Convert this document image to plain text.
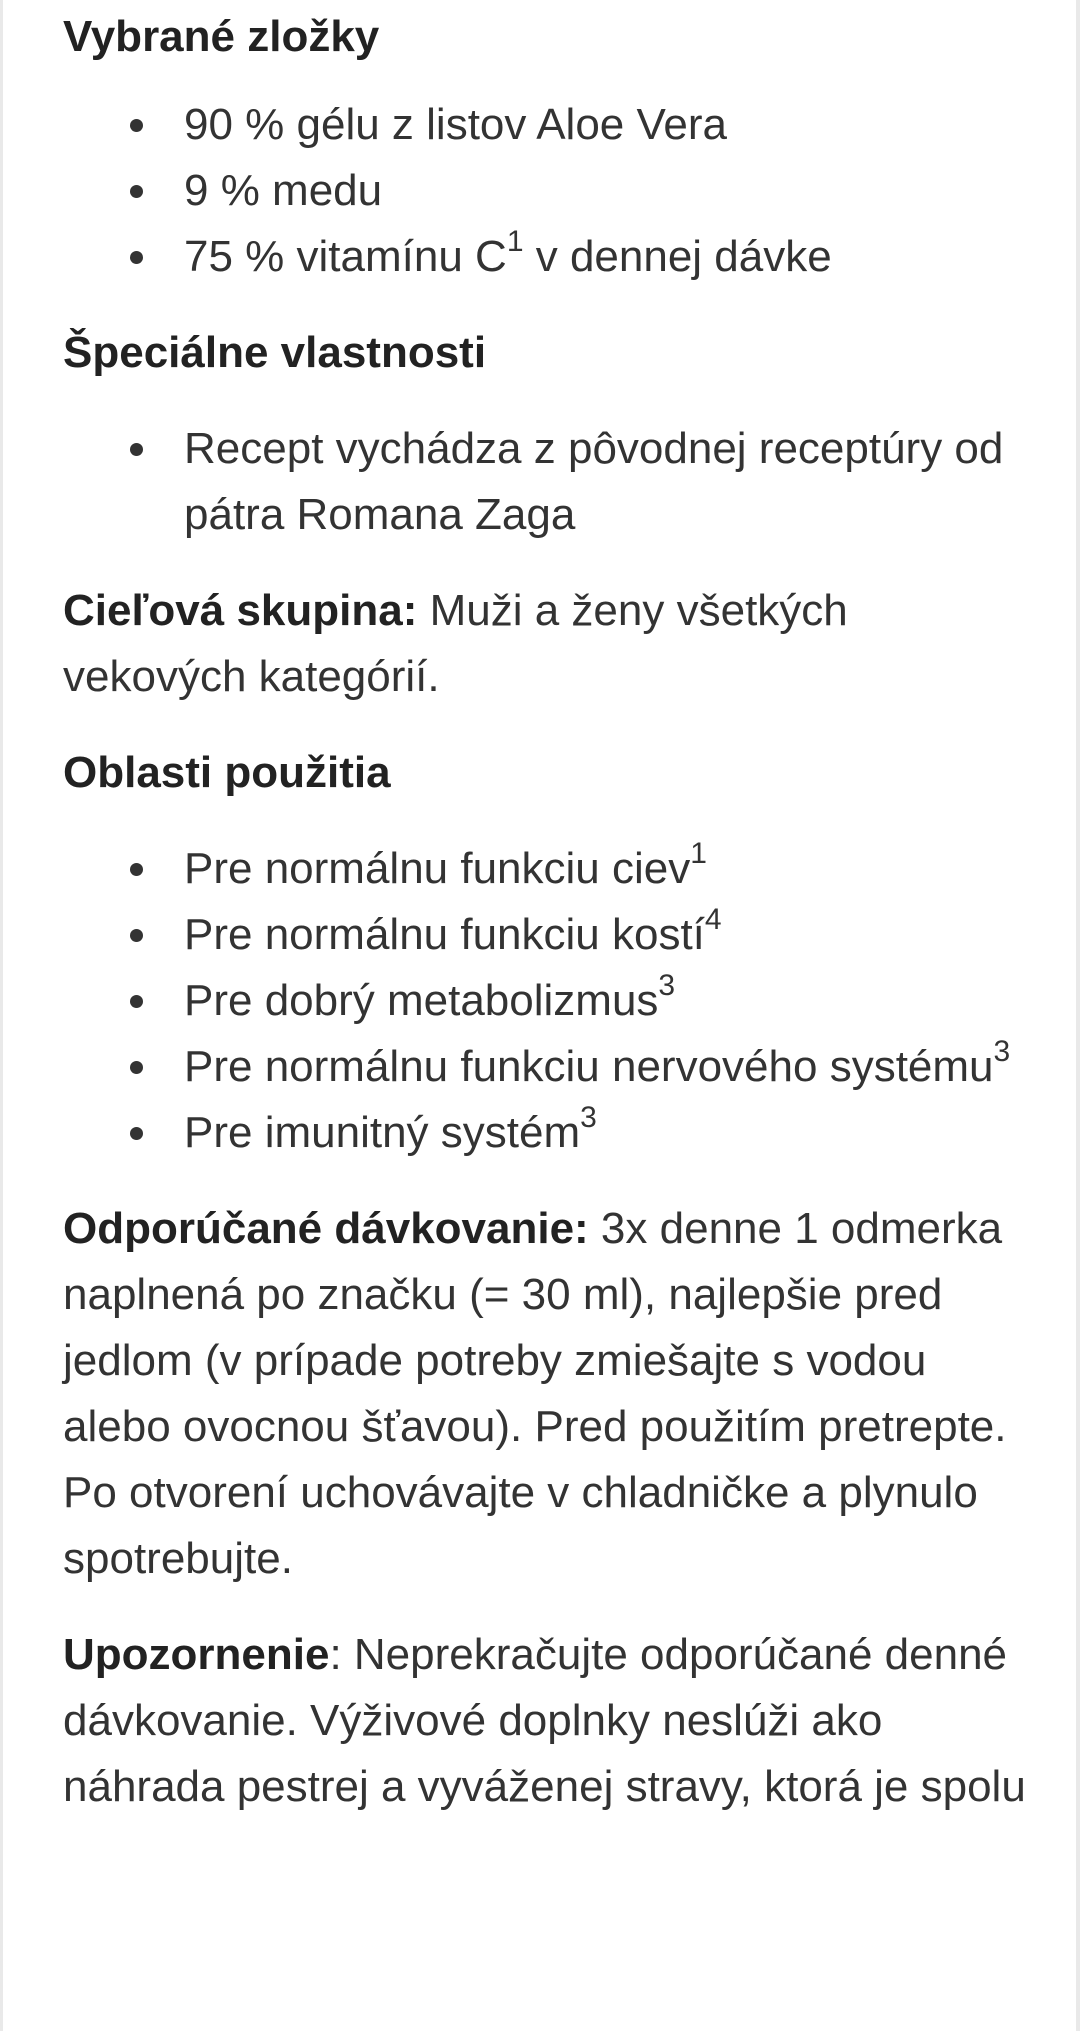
Vybrané zložky
90 % gélu z listov Aloe Vera
9 % medu
75 % vitamínu $C^1$ v dennej dávke
Špeciálne vlastnosti
Recept vychádza z pôvodnej receptúry od pátra Romana Zaga

Cieľová skupina: Muži a ženy všetkých vekových kategórií.

Oblasti použitia
Pre normálnu funkciu ciev$^1$
Pre normálnu funkciu kostí$^4$
Pre dobrý metabolizmus$^3$
Pre normálnu funkciu nervového systému$^3$
Pre imunitný systém$^3$

Odporúčané dávkovanie: 3x denne 1 odmerka naplnená po značku (= 30 ml), najlepšie pred jedlom (v prípade potreby zmiešajte s vodou alebo ovocnou šťavou). Pred použitím pretrepte. Po otvorení uchovávajte v chladničke a plynulo spotrebujte.

Upozornenie: Neprekračujte odporúčané denné dávkovanie. Výživové doplnky neslúži ako náhrada pestrej a vyváženej stravy, ktorá je spolu
